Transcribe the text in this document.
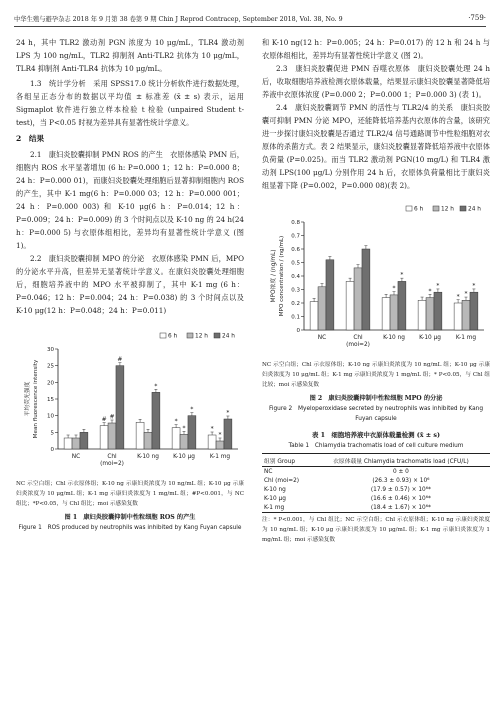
中华生殖与避孕杂志 2018 年 9 月第 38 卷第 9 期 Chin J Reprod Contracep, September 2018, Vol. 38, No. 9	·759·

24 h，其中 TLR2 激动剂 PGN 浓度为 10 μg/mL，TLR4 激动剂 LPS 为 100 ng/mL，TLR2 抑制剂 Anti-TLR2 抗体为 10 μg/mL，TLR4 抑制剂 Anti-TLR4 抗体为 10 μg/mL。

1.3　统计学分析　采用 SPSS17.0 统计分析软件进行数据处理，各组呈正态分布的数据以平均值 ± 标准差 (x̄ ± s) 表示，运用 Sigmaplot 软件进行独立样本检验 t 检验 (unpaired Student t-test)，当 P<0.05 时视为差异具有显著性统计学意义。

2　结果

2.1　康妇炎胶囊抑制 PMN ROS 的产生　衣原体感染 PMN 后，细胞内 ROS 水平显著增加 (6 h: P=0.000 1；12 h：P=0.000 8；24 h：P=0.000 01)，而康妇炎胶囊处理细胞后显著抑制细胞内 ROS 的产生，其中 K-1 mg(6 h：P=0.000 03；12 h：P=0.000 001；24 h：P=0.000 003) 和 K-10 μg(6 h：P=0.014；12 h：P=0.009；24 h：P=0.009) 的 3 个时间点以及 K-10 ng 的 24 h(24 h：P=0.000 5) 与衣原体组相比，差异均有显著性统计学意义 (图 1)。

2.2　康妇炎胶囊抑制 MPO 的分泌　衣原体感染 PMN 后，MPO 的分泌水平升高，但差异无显著统计学意义。在康妇炎胶囊处理细胞后，细胞培养液中的 MPO 水平被抑制了，其中 K-1 mg (6 h：P=0.046；12 h：P=0.004；24 h：P=0.038) 的 3 个时间点以及 K-10 μg(12 h：P=0.048；24 h：P=0.011)

0
5
10
15
20
25
30
平均荧光强度 Mean fluorescence intensity
NC
# #
#
Chl
(moi=2)
*
K-10 ng
*
*
*
K-10 μg
*
*
*
K-1 mg
6 h	12 h 24 h

NC 示空白组；Chl 示衣原体组；K-10 ng 示康妇炎浓度为 10 ng/mL 组；K-10 μg 示康妇炎浓度为 10 μg/mL 组；K-1 mg 示康妇炎浓度为 1 mg/mL 组；#P<0.001，与 NC 组比；*P<0.05，与 Chl 组比；moi 示感染复数

图 1　康妇炎胶囊抑制中性粒细胞 ROS 的产生

Figure 1　ROS produced by neutrophils was inhibited by Kang Fuyan capsule

和 K-10 ng(12 h：P=0.005；24 h：P=0.017) 的 12 h 和 24 h 与衣原体组相比，差异均有显著性统计学意义 (图 2)。

2.3　康妇炎胶囊促进 PMN 吞噬衣原体　康妇炎胶囊处理 24 h 后，收取细胞培养液检测衣原体载量，结果显示康妇炎胶囊显著降低培养液中衣原体浓度 (P=0.000 2；P=0.000 1；P=0.000 3) (表 1)。

2.4　康妇炎胶囊调节 PMN 的活性与 TLR2/4 的关系　康妇炎胶囊可抑制 PMN 分泌 MPO，还能降低培养基内衣原体的含量，该研究进一步探讨康妇炎胶囊是否通过 TLR2/4 信号通路调节中性粒细胞对衣原体的杀菌方式。表 2 结果显示，康妇炎胶囊显著降低培养液中衣原体负荷量 (P=0.025)。而当 TLR2 激动剂 PGN(10 mg/L) 和 TLR4 激动剂 LPS(100 μg/L) 分别作用 24 h 后，衣原体负荷量相比于康妇炎组显著下降 (P=0.002，P=0.000 08)(表 2)。

0
0.1
0.2
0.3
0.4
0.5
0.6
0.7
0.8
MPO浓度 / (ng/mL) MPO concentration / (ng/mL)
NC	Chl
(moi=2)
*
*
K-10 ng
*
*
K-10 μg
* *
*
K-1 mg
6 h	12 h 24 h

NC 示空白组；Chl 示衣原体组；K-10 ng 示康妇炎浓度为 10 ng/mL 组；K-10 μg 示康妇炎浓度为 10 μg/mL 组；K-1 mg 示康妇炎浓度为 1 mg/mL 组；* P<0.05，与 Chl 组比较；moi 示感染复数

图 2　康妇炎胶囊抑制中性粒细胞 MPO 的分泌

Figure 2　Myeloperoxidase secreted by neutrophils was inhibited by Kang Fuyan capsule

表 1　细胞培养液中衣原体载量检测 (x̄ ± s)

Table 1　Chlamydia trachomatis load of cell culture medium

组别 Group	衣原体载量 Chlamydia trachomatis load (CFU/L)
NC	0 ± 0
Chl (moi=2)	(26.3 ± 0.93) × 10⁶
K-10 ng	(17.9 ± 0.57) × 10⁶*
K-10 μg	(16.6 ± 0.46) × 10⁶*
K-1 mg	(18.4 ± 1.67) × 10⁶*

注：* P<0.001，与 Chl 组比；NC 示空白组；Chl 示衣原体组；K-10 ng 示康妇炎浓度为 10 ng/mL 组；K-10 μg 示康妇炎浓度为 10 μg/mL 组；K-1 mg 示康妇炎浓度为 1 mg/mL 组；moi 示感染复数
